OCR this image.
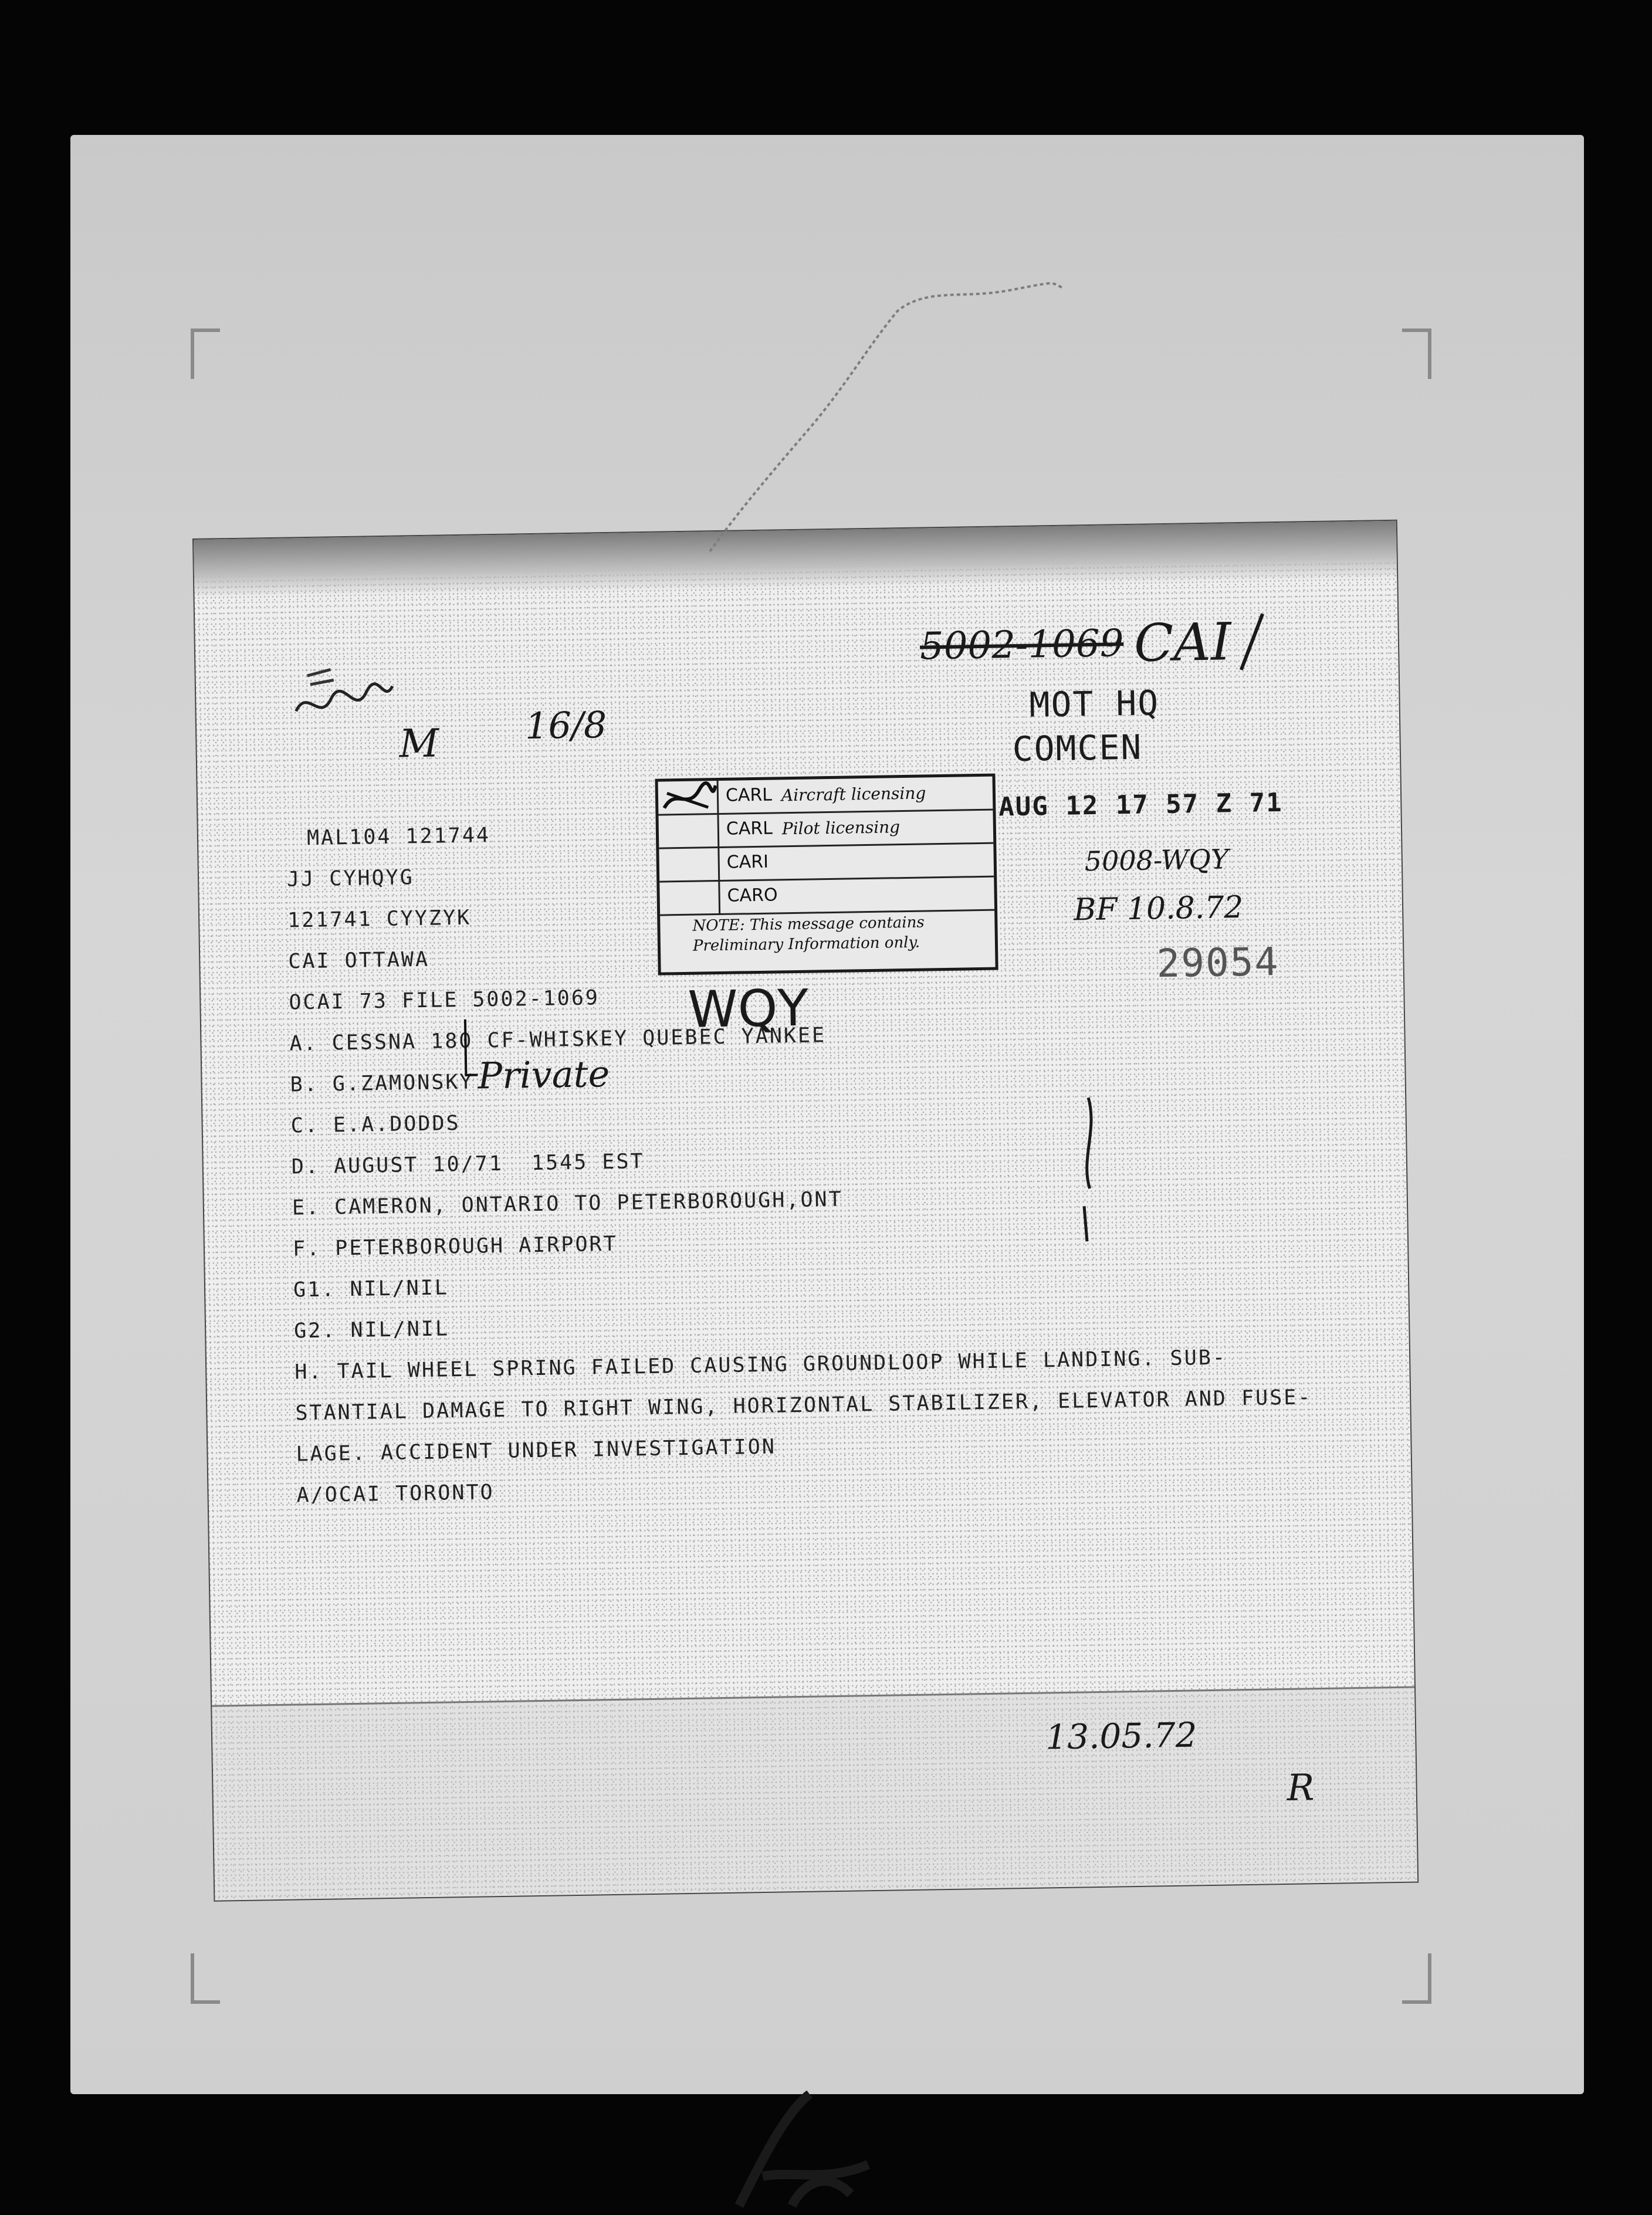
MAL104 121744
JJ CYHQYG
121741 CYYZYK
CAI OTTAWA
OCAI 73 FILE 5002-1069
A. CESSNA 180 CF-WHISKEY QUEBEC YANKEE
B. G.ZAMONSKY
C. E.A.DODDS
D. AUGUST 10/71  1545 EST
E. CAMERON, ONTARIO TO PETERBOROUGH,ONT
F. PETERBOROUGH AIRPORT
G1. NIL/NIL
G2. NIL/NIL
H. TAIL WHEEL SPRING FAILED CAUSING GROUNDLOOP WHILE LANDING. SUB-
STANTIAL DAMAGE TO RIGHT WING, HORIZONTAL STABILIZER, ELEVATOR AND FUSE-
LAGE. ACCIDENT UNDER INVESTIGATION
A/OCAI TORONTO
CARL Aircraft licensing
CARL Pilot licensing
CARI
CARO
NOTE: This message contains Preliminary Information only.
5002-1069 CAI
MOT HQ
COMCEN
AUG 12 17 57 Z 71
5008-WQY
BF 10.8.72
29054
WQY
Private
M 16/8
13.05.72
R
